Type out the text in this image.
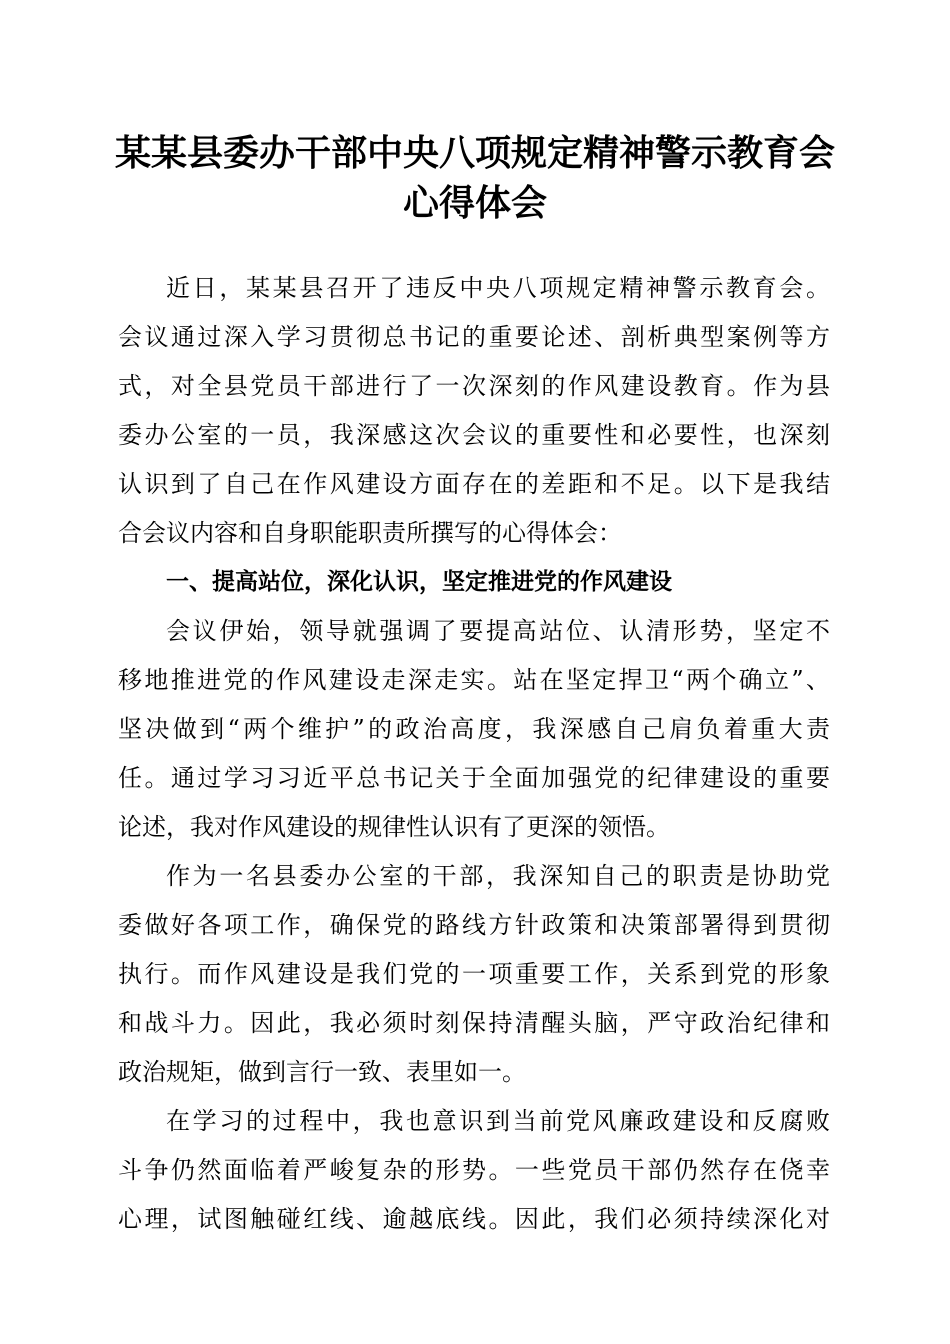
某某县委办干部中央八项规定精神警示教育会
心得体会
近日，某某县召开了违反中央八项规定精神警示教育会。
会议通过深入学习贯彻总书记的重要论述、剖析典型案例等方
式，对全县党员干部进行了一次深刻的作风建设教育。作为县
委办公室的一员，我深感这次会议的重要性和必要性，也深刻
认识到了自己在作风建设方面存在的差距和不足。以下是我结
合会议内容和自身职能职责所撰写的心得体会：
一、提高站位，深化认识，坚定推进党的作风建设
会议伊始，领导就强调了要提高站位、认清形势，坚定不
移地推进党的作风建设走深走实。站在坚定捍卫“两个确立”、
坚决做到“两个维护”的政治高度，我深感自己肩负着重大责
任。通过学习习近平总书记关于全面加强党的纪律建设的重要
论述，我对作风建设的规律性认识有了更深的领悟。
作为一名县委办公室的干部，我深知自己的职责是协助党
委做好各项工作，确保党的路线方针政策和决策部署得到贯彻
执行。而作风建设是我们党的一项重要工作，关系到党的形象
和战斗力。因此，我必须时刻保持清醒头脑，严守政治纪律和
政治规矩，做到言行一致、表里如一。
在学习的过程中，我也意识到当前党风廉政建设和反腐败
斗争仍然面临着严峻复杂的形势。一些党员干部仍然存在侥幸
心理，试图触碰红线、逾越底线。因此，我们必须持续深化对
